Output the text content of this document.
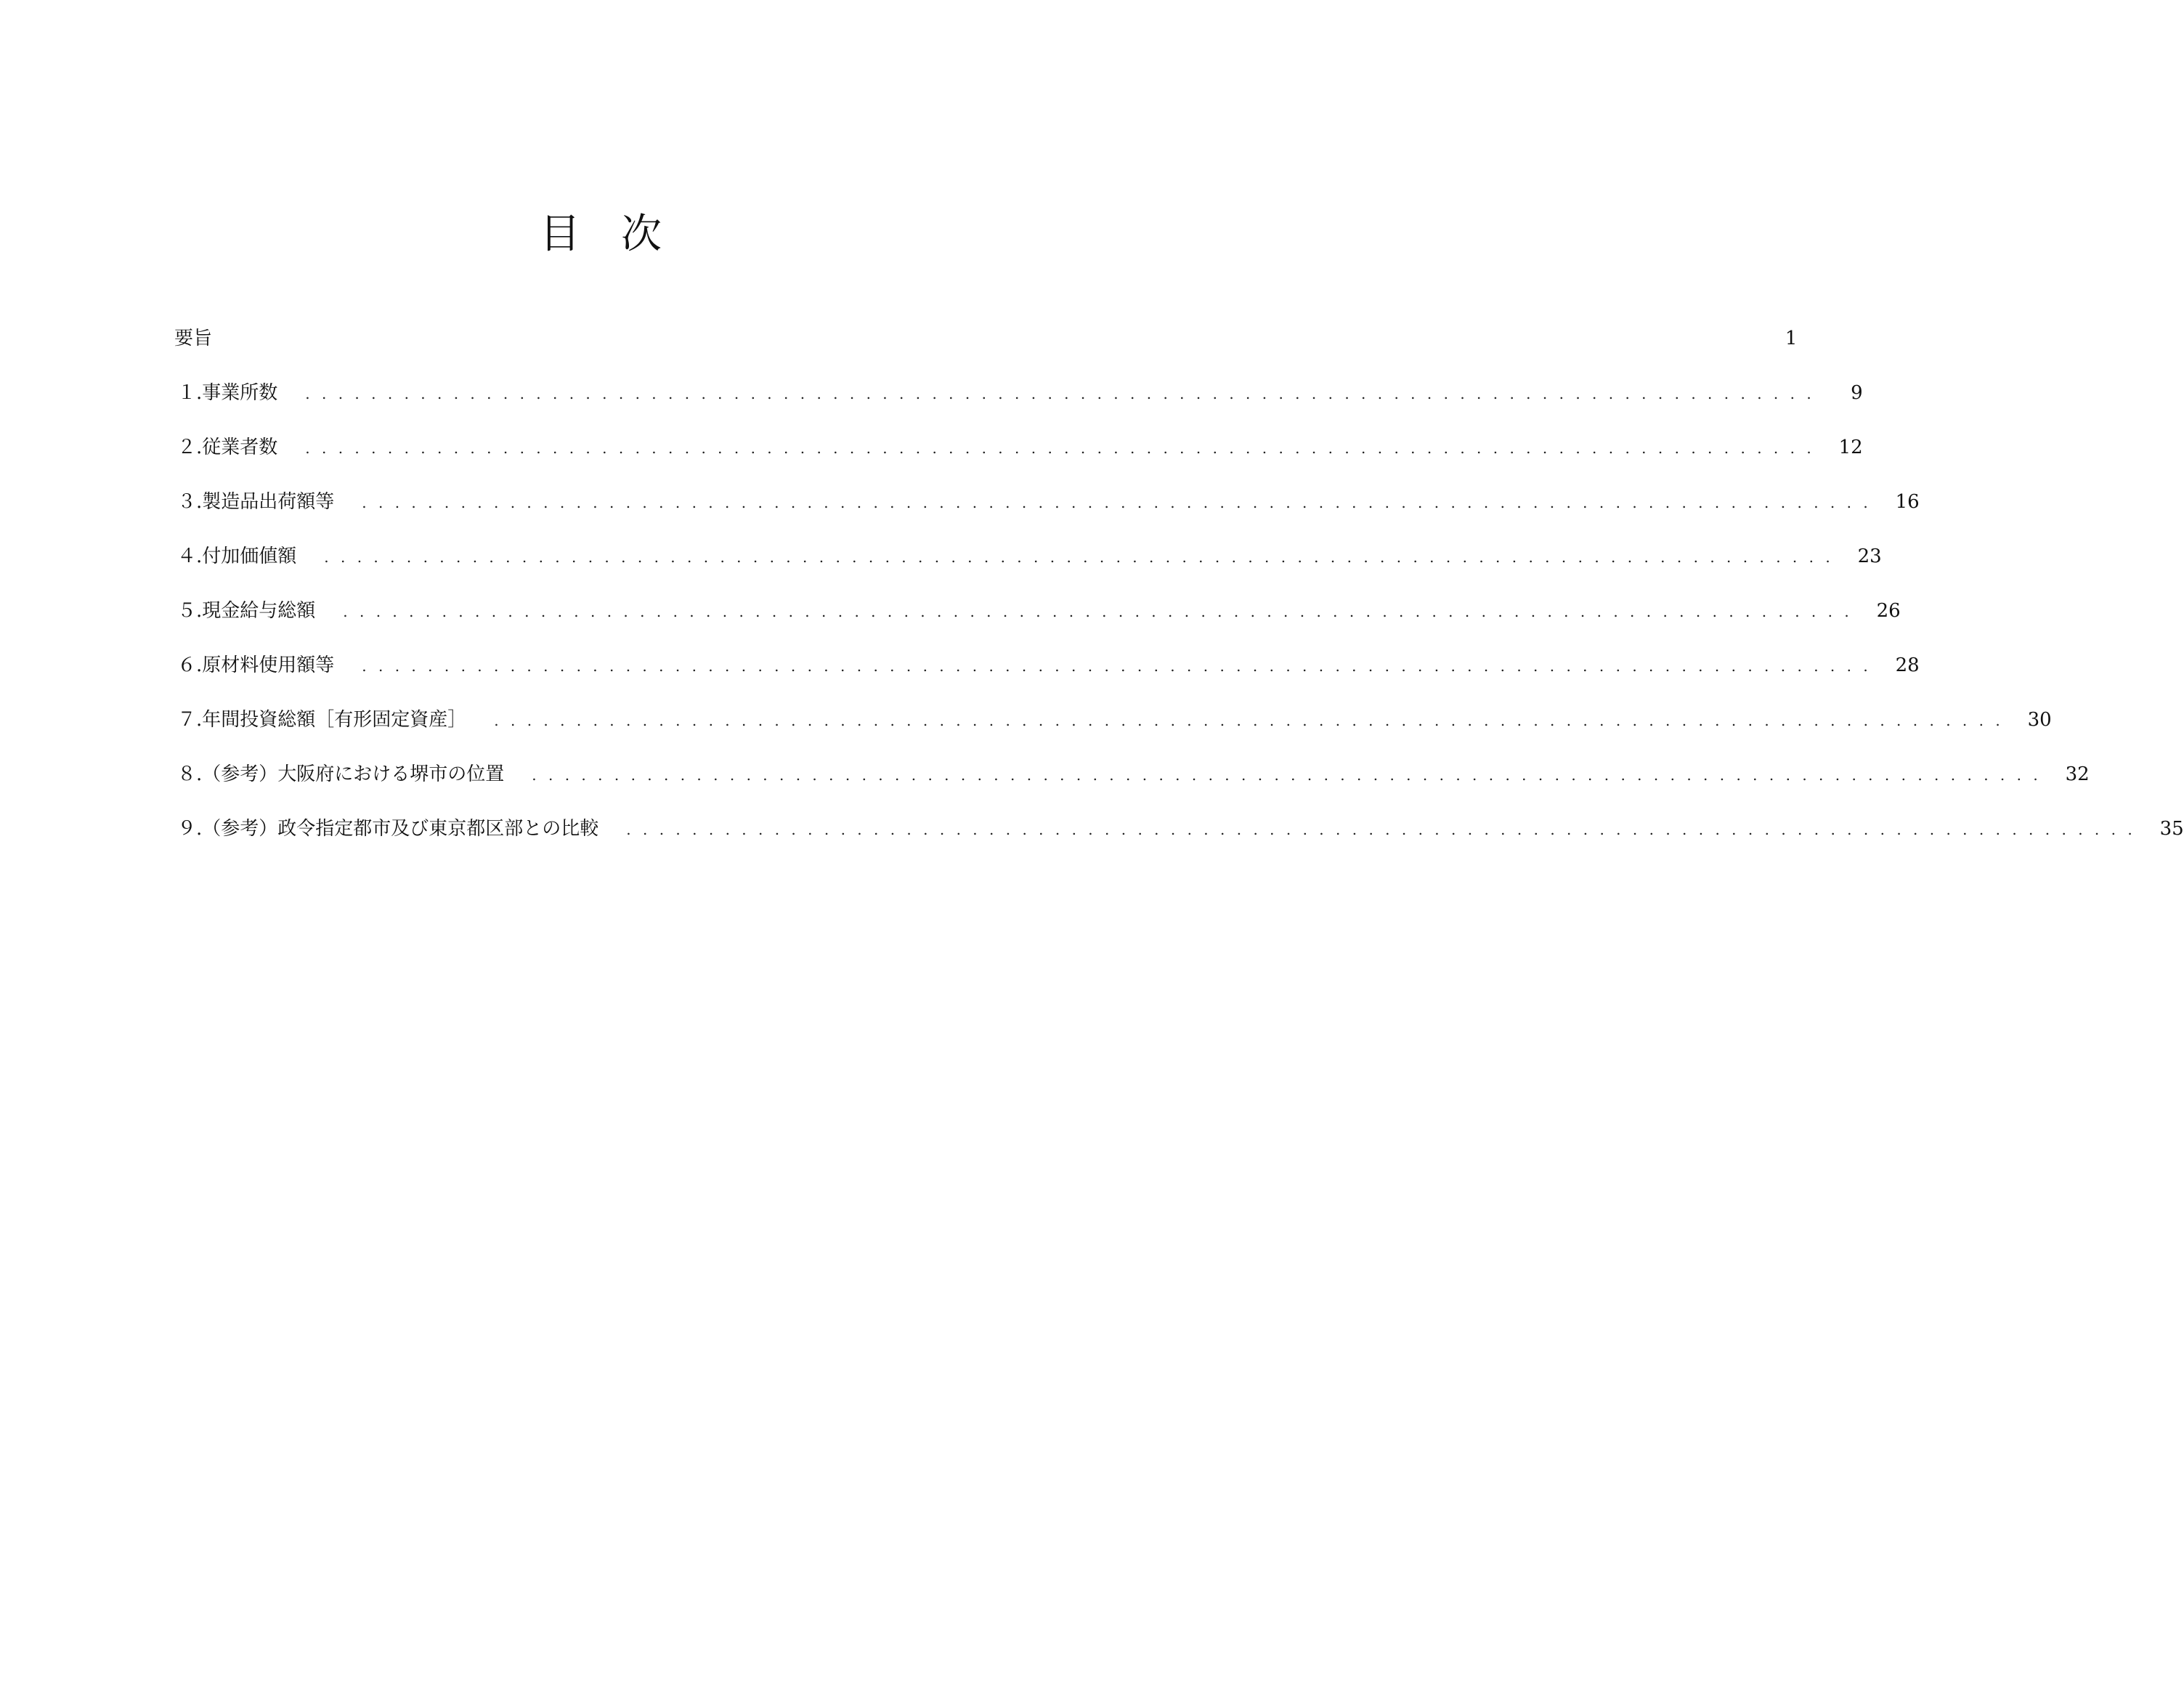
目　次
要旨	1
１. 事業所数 . . . . . . . . . . . . . . . . . . . . . . . . . . . . . . . . . . . . . . . . . . . . . . . . . . . . . . . . . . . . . . . . . . . . . . . . . . . . . . . . . . . . . . . . . . . .	9
２. 従業者数 . . . . . . . . . . . . . . . . . . . . . . . . . . . . . . . . . . . . . . . . . . . . . . . . . . . . . . . . . . . . . . . . . . . . . . . . . . . . . . . . . . . . . . . . . . . . 12
３. 製造品出荷額等 . . . . . . . . . . . . . . . . . . . . . . . . . . . . . . . . . . . . . . . . . . . . . . . . . . . . . . . . . . . . . . . . . . . . . . . . . . . . . . . . . . . . . . . . . . . . 16
４. 付加価値額 . . . . . . . . . . . . . . . . . . . . . . . . . . . . . . . . . . . . . . . . . . . . . . . . . . . . . . . . . . . . . . . . . . . . . . . . . . . . . . . . . . . . . . . . . . . . 23
５. 現金給与総額 . . . . . . . . . . . . . . . . . . . . . . . . . . . . . . . . . . . . . . . . . . . . . . . . . . . . . . . . . . . . . . . . . . . . . . . . . . . . . . . . . . . . . . . . . . . . 26
６. 原材料使用額等 . . . . . . . . . . . . . . . . . . . . . . . . . . . . . . . . . . . . . . . . . . . . . . . . . . . . . . . . . . . . . . . . . . . . . . . . . . . . . . . . . . . . . . . . . . . . 28
７. 年間投資総額［有形固定資産］ . . . . . . . . . . . . . . . . . . . . . . . . . . . . . . . . . . . . . . . . . . . . . . . . . . . . . . . . . . . . . . . . . . . . . . . . . . . . . . . . . . . . . . . . . . . . 30
８. （参考）大阪府における堺市の位置 . . . . . . . . . . . . . . . . . . . . . . . . . . . . . . . . . . . . . . . . . . . . . . . . . . . . . . . . . . . . . . . . . . . . . . . . . . . . . . . . . . . . . . . . . . . . 32
９. （参考）政令指定都市及び東京都区部との比較 . . . . . . . . . . . . . . . . . . . . . . . . . . . . . . . . . . . . . . . . . . . . . . . . . . . . . . . . . . . . . . . . . . . . . . . . . . . . . . . . . . . . . . . . . . . . 35
